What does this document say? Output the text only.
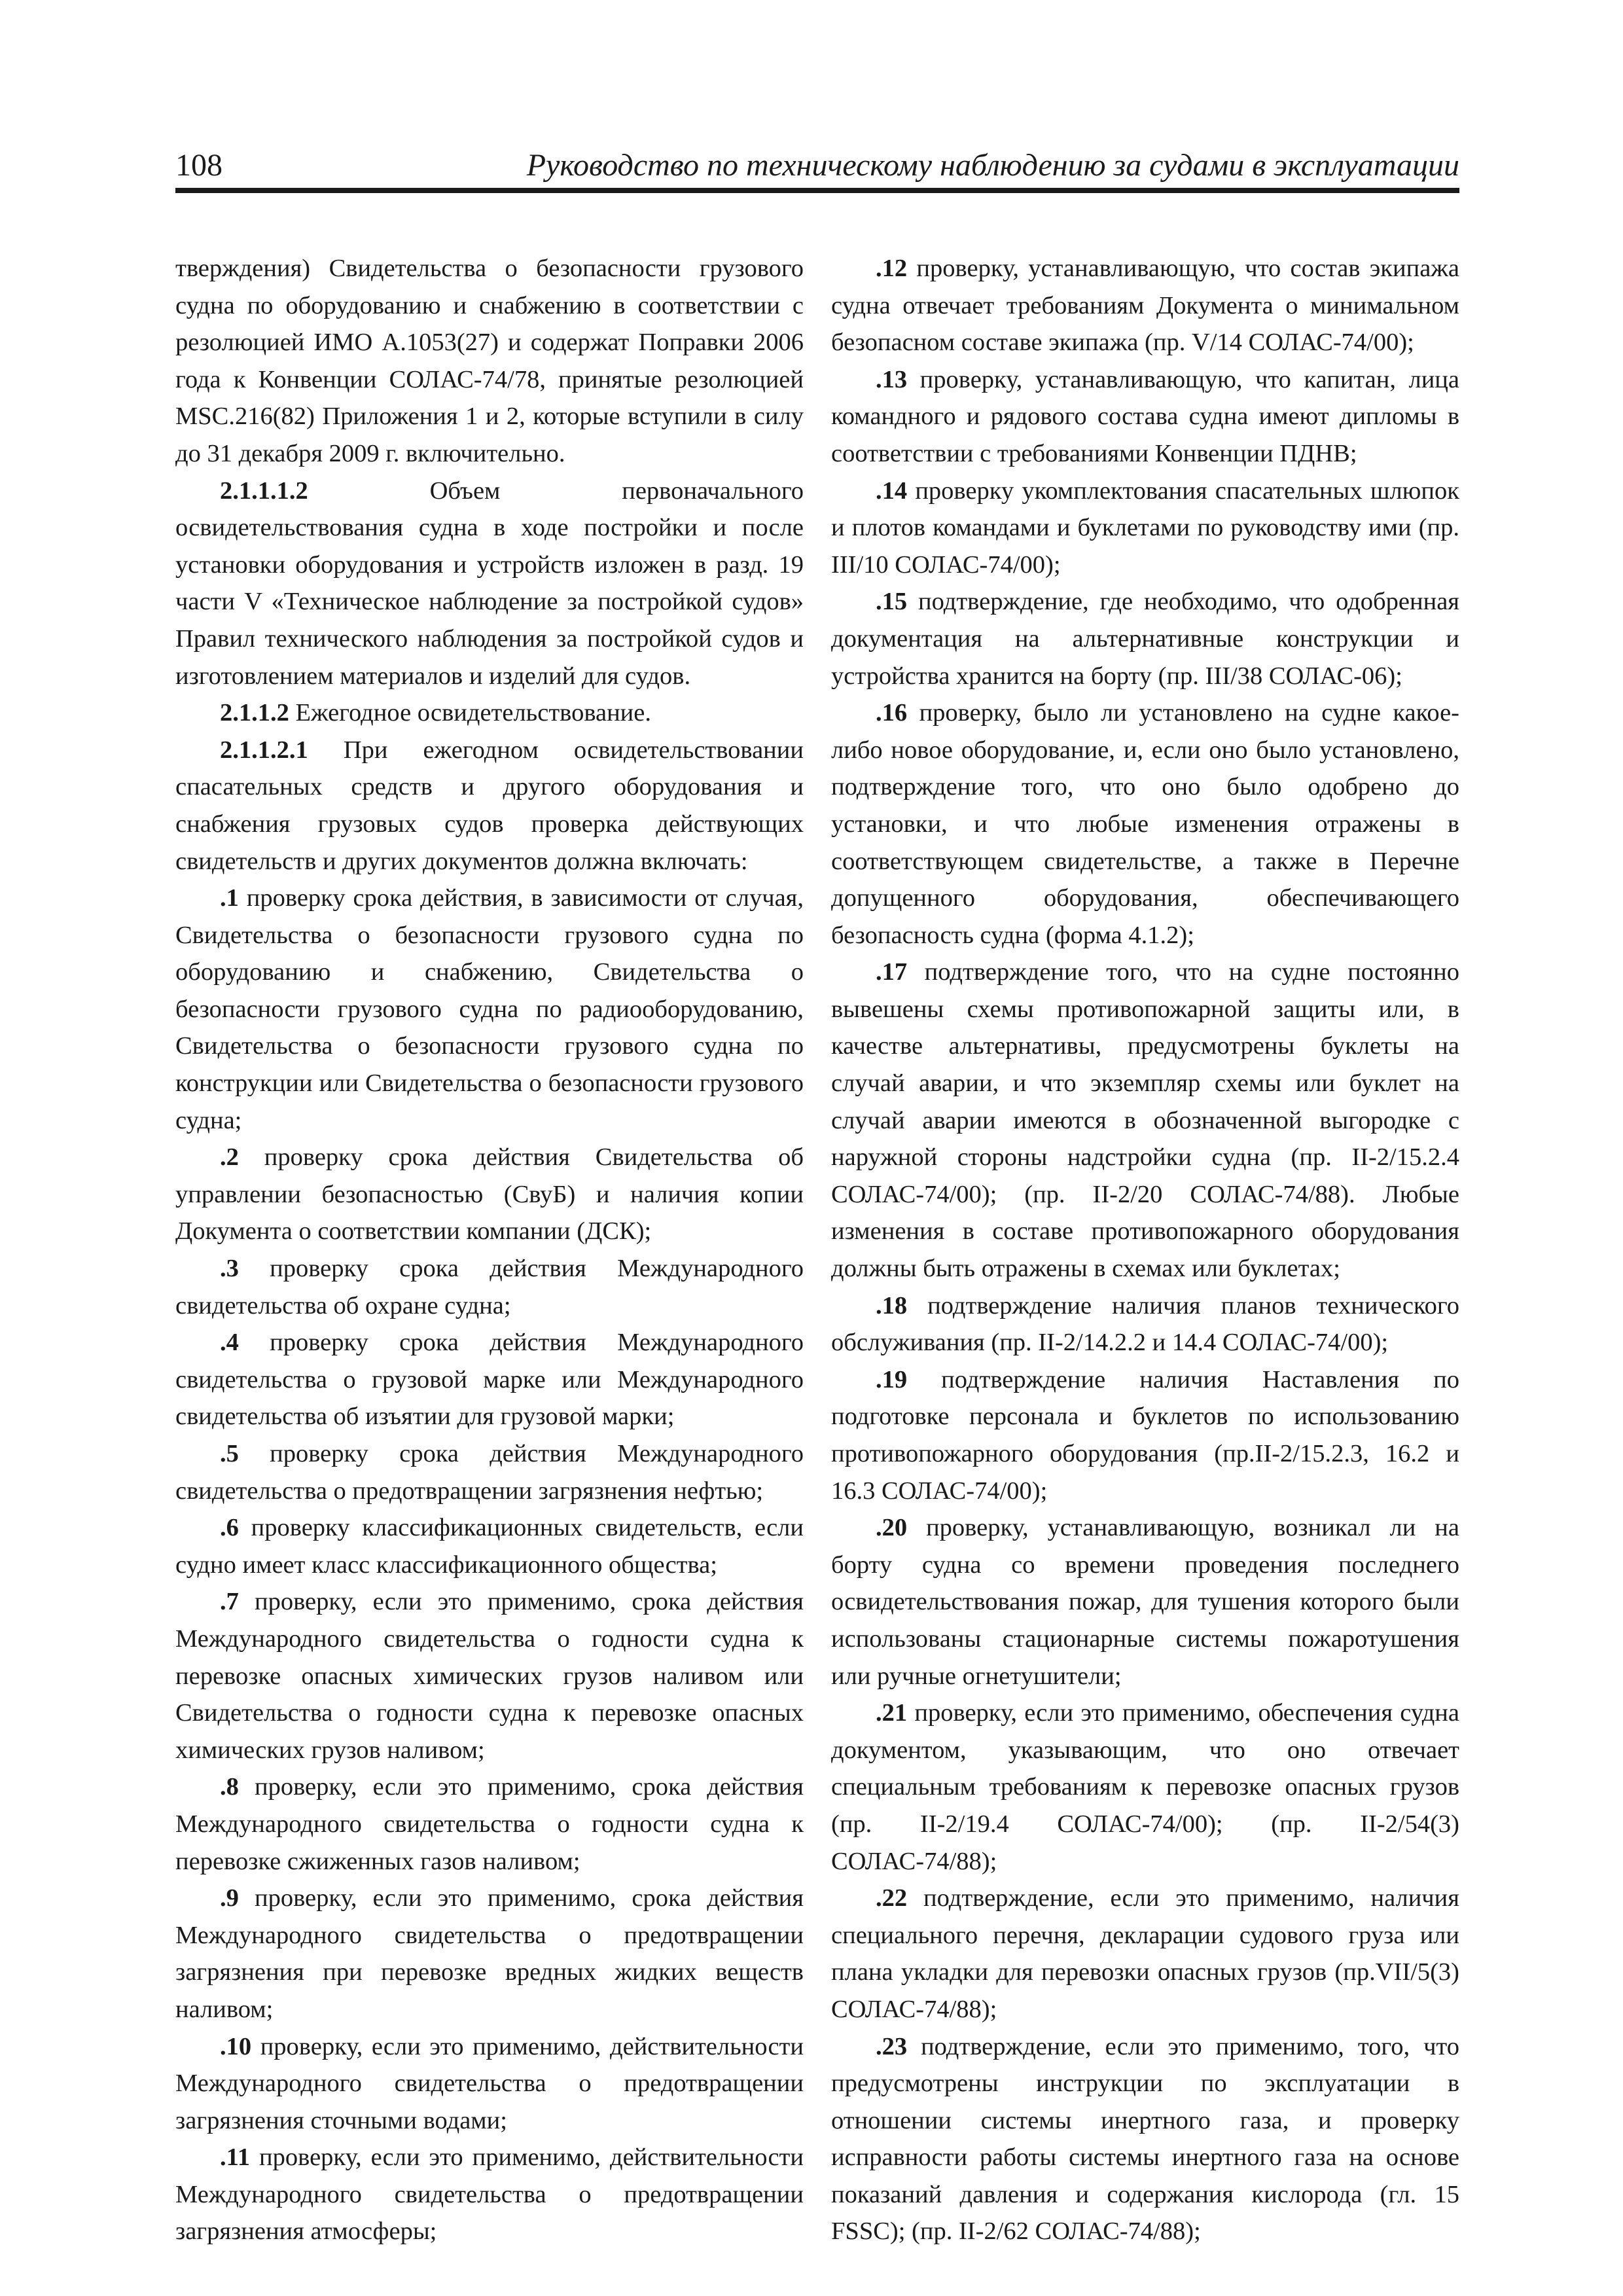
108	Руководство по техническому наблюдению за судами в эксплуатации

тверждения) Свидетельства о безопасности грузового судна по оборудованию и снабжению в соответствии с резолюцией ИМО А.1053(27) и содержат Поправки 2006 года к Конвенции СОЛАС-74/78, принятые резолюцией MSC.216(82) Приложения 1 и 2, которые вступили в силу до 31 декабря 2009 г. включительно.

2.1.1.1.2 Объем первоначального освидетельствования судна в ходе постройки и после установки оборудования и устройств изложен в разд. 19 части V «Техническое наблюдение за постройкой судов» Правил технического наблюдения за постройкой судов и изготовлением материалов и изделий для судов.

2.1.1.2 Ежегодное освидетельствование.

2.1.1.2.1 При ежегодном освидетельствовании спасательных средств и другого оборудования и снабжения грузовых судов проверка действующих свидетельств и других документов должна включать:

.1 проверку срока действия, в зависимости от случая, Свидетельства о безопасности грузового судна по оборудованию и снабжению, Свидетельства о безопасности грузового судна по радиооборудованию, Свидетельства о безопасности грузового судна по конструкции или Свидетельства о безопасности грузового судна;

.2 проверку срока действия Свидетельства об управлении безопасностью (СвуБ) и наличия копии Документа о соответствии компании (ДСК);

.3 проверку срока действия Международного свидетельства об охране судна;

.4 проверку срока действия Международного свидетельства о грузовой марке или Международного свидетельства об изъятии для грузовой марки;

.5 проверку срока действия Международного свидетельства о предотвращении загрязнения нефтью;

.6 проверку классификационных свидетельств, если судно имеет класс классификационного общества;

.7 проверку, если это применимо, срока действия Международного свидетельства о годности судна к перевозке опасных химических грузов наливом или Свидетельства о годности судна к перевозке опасных химических грузов наливом;

.8 проверку, если это применимо, срока действия Международного свидетельства о годности судна к перевозке сжиженных газов наливом;

.9 проверку, если это применимо, срока действия Международного свидетельства о предотвращении загрязнения при перевозке вредных жидких веществ наливом;

.10 проверку, если это применимо, действительности Международного свидетельства о предотвращении загрязнения сточными водами;

.11 проверку, если это применимо, действительности Международного свидетельства о предотвращении загрязнения атмосферы;

.12 проверку, устанавливающую, что состав экипажа судна отвечает требованиям Документа о минимальном безопасном составе экипажа (пр. V/14 СОЛАС-74/00);

.13 проверку, устанавливающую, что капитан, лица командного и рядового состава судна имеют дипломы в соответствии с требованиями Конвенции ПДНВ;

.14 проверку укомплектования спасательных шлюпок и плотов командами и буклетами по руководству ими (пр. III/10 СОЛАС-74/00);

.15 подтверждение, где необходимо, что одобренная документация на альтернативные конструкции и устройства хранится на борту (пр. III/38 СОЛАС-06);

.16 проверку, было ли установлено на судне какое-либо новое оборудование, и, если оно было установлено, подтверждение того, что оно было одобрено до установки, и что любые изменения отражены в соответствующем свидетельстве, а также в Перечне допущенного оборудования, обеспечивающего безопасность судна (форма 4.1.2);

.17 подтверждение того, что на судне постоянно вывешены схемы противопожарной защиты или, в качестве альтернативы, предусмотрены буклеты на случай аварии, и что экземпляр схемы или буклет на случай аварии имеются в обозначенной выгородке с наружной стороны надстройки судна (пр. II-2/15.2.4 СОЛАС-74/00); (пр. II-2/20 СОЛАС-74/88). Любые изменения в составе противопожарного оборудования должны быть отражены в схемах или буклетах;

.18 подтверждение наличия планов технического обслуживания (пр. II-2/14.2.2 и 14.4 СОЛАС-74/00);

.19 подтверждение наличия Наставления по подготовке персонала и буклетов по использованию противопожарного оборудования (пр.II-2/15.2.3, 16.2 и 16.3 СОЛАС-74/00);

.20 проверку, устанавливающую, возникал ли на борту судна со времени проведения последнего освидетельствования пожар, для тушения которого были использованы стационарные системы пожаротушения или ручные огнетушители;

.21 проверку, если это применимо, обеспечения судна документом, указывающим, что оно отвечает специальным требованиям к перевозке опасных грузов (пр. II-2/19.4 СОЛАС-74/00); (пр. II-2/54(3) СОЛАС-74/88);

.22 подтверждение, если это применимо, наличия специального перечня, декларации судового груза или плана укладки для перевозки опасных грузов (пр.VII/5(3) СОЛАС-74/88);

.23 подтверждение, если это применимо, того, что предусмотрены инструкции по эксплуатации в отношении системы инертного газа, и проверку исправности работы системы инертного газа на основе показаний давления и содержания кислорода (гл. 15 FSSC); (пр. II-2/62 СОЛАС-74/88);
